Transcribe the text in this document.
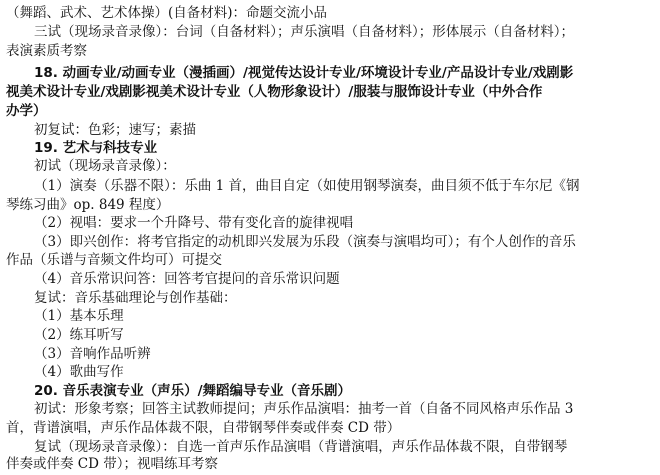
（舞蹈、武术、艺术体操）(自备材料)：命题交流小品
三试（现场录音录像）：台词（自备材料）；声乐演唱（自备材料）；形体展示（自备材料）；
表演素质考察
18. 动画专业/动画专业（漫插画）/视觉传达设计专业/环境设计专业/产品设计专业/戏剧影
视美术设计专业/戏剧影视美术设计专业（人物形象设计）/服装与服饰设计专业（中外合作
办学）
初复试：色彩；速写；素描
19. 艺术与科技专业
初试（现场录音录像）：
（1）演奏（乐器不限）：乐曲 1 首，曲目自定（如使用钢琴演奏，曲目须不低于车尔尼《钢
琴练习曲》op. 849 程度）
（2）视唱：要求一个升降号、带有变化音的旋律视唱
（3）即兴创作：将考官指定的动机即兴发展为乐段（演奏与演唱均可）；有个人创作的音乐
作品（乐谱与音频文件均可）可提交
（4）音乐常识问答：回答考官提问的音乐常识问题
复试：音乐基础理论与创作基础：
（1）基本乐理
（2）练耳听写
（3）音响作品听辨
（4）歌曲写作
20. 音乐表演专业（声乐）/舞蹈编导专业（音乐剧）
初试：形象考察；回答主试教师提问；声乐作品演唱：抽考一首（自备不同风格声乐作品 3
首，背谱演唱，声乐作品体裁不限，自带钢琴伴奏或伴奏 CD 带）
复试（现场录音录像）：自选一首声乐作品演唱（背谱演唱，声乐作品体裁不限，自带钢琴
伴奏或伴奏 CD 带）；视唱练耳考察
